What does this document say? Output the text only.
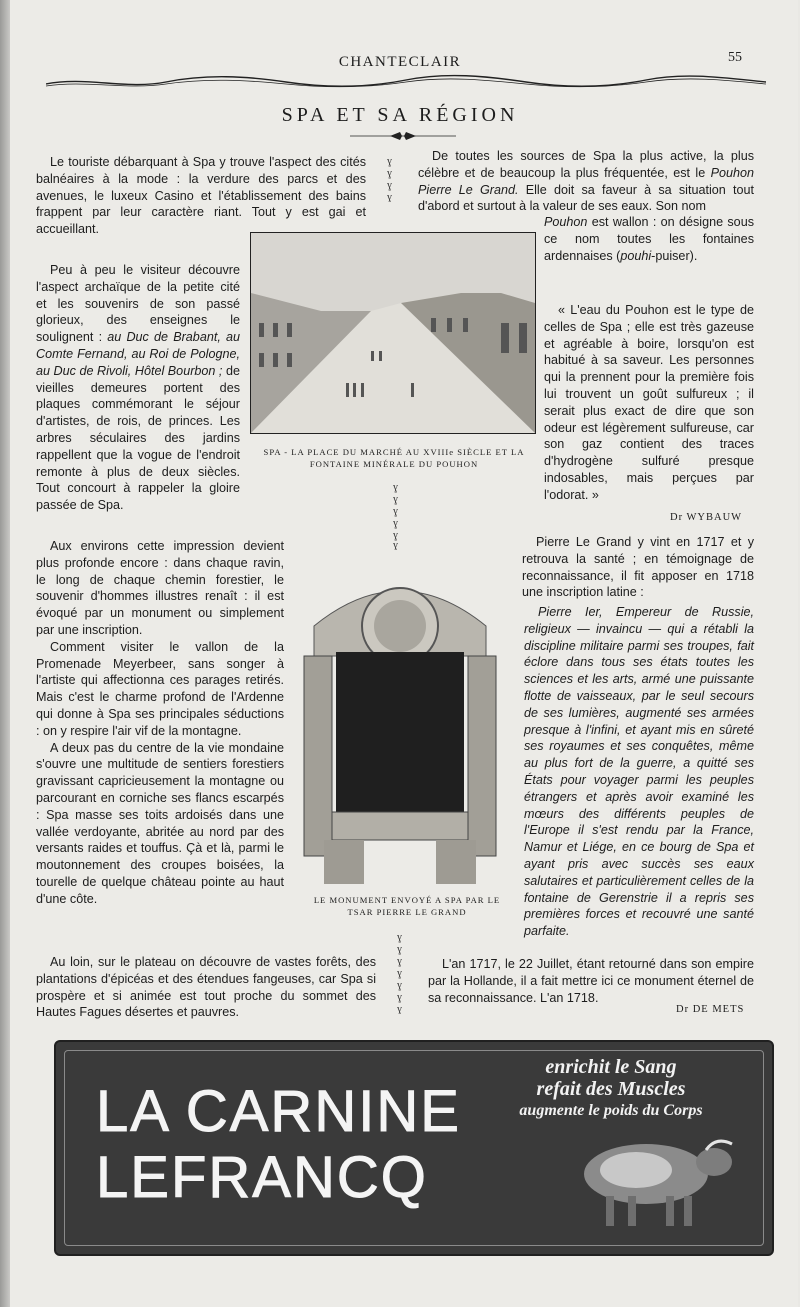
CHANTECLAIR	55
SPA ET SA RÉGION
ɣ
ɣ
ɣ
ɣ
ɣ
ɣ
ɣ
ɣ
ɣ
ɣ
ɣ
ɣ
ɣ
ɣ
ɣ
ɣ
ɣ

Le touriste débarquant à Spa y trouve l'aspect des cités balnéaires à la mode : la verdure des parcs et des avenues, le luxeux Casino et l'établissement des bains frappent par leur caractère riant. Tout y est gai et accueillant.

Peu à peu le visiteur découvre l'aspect archaïque de la petite cité et les souvenirs de son passé glorieux, des enseignes le soulignent : au Duc de Brabant, au Comte Fernand, au Roi de Pologne, au Duc de Rivoli, Hôtel Bourbon ; de vieilles demeures portent des plaques commémorant le séjour d'artistes, de rois, de princes. Les arbres séculaires des jardins rappellent que la vogue de l'endroit remonte à plus de deux siècles. Tout concourt à rappeler la gloire passée de Spa.

Aux environs cette impression devient plus profonde encore : dans chaque ravin, le long de chaque chemin forestier, le souvenir d'hommes illustres renaît : il est évoqué par un monument ou simplement par une inscription.

Comment visiter le vallon de la Promenade Meyerbeer, sans songer à l'artiste qui affectionna ces parages retirés. Mais c'est le charme profond de l'Ardenne qui donne à Spa ses principales séductions : on y respire l'air vif de la montagne.

A deux pas du centre de la vie mondaine s'ouvre une multitude de sentiers forestiers gravissant capricieusement la montagne ou parcourant en corniche ses flancs escarpés : Spa masse ses toits ardoisés dans une vallée verdoyante, abritée au nord par des versants raides et touffus. Çà et là, parmi le moutonnement des croupes boisées, la tourelle de quelque château pointe au haut d'une côte.

Au loin, sur le plateau on découvre de vastes forêts, des plantations d'épicéas et des étendues fangeuses, car Spa si prospère et si animée est tout proche du sommet des Hautes Fagues désertes et pauvres.

SPA - LA PLACE DU MARCHÉ AU XVIIIe SIÈCLE ET LA FONTAINE MINÉRALE DU POUHON
LE MONUMENT ENVOYÉ A SPA PAR LE TSAR PIERRE LE GRAND

De toutes les sources de Spa la plus active, la plus célèbre et de beaucoup la plus fréquentée, est le Pouhon Pierre Le Grand. Elle doit sa faveur à sa situation tout d'abord et surtout à la valeur de ses eaux. Son nom

Pouhon est wallon : on désigne sous ce nom toutes les fontaines ardennaises (pouhi-puiser).

« L'eau du Pouhon est le type de celles de Spa ; elle est très gazeuse et agréable à boire, lorsqu'on est habitué à sa saveur. Les personnes qui la prennent pour la première fois lui trouvent un goût sulfureux ; il serait plus exact de dire que son odeur est légèrement sulfureuse, car son gaz contient des traces d'hydrogène sulfuré presque indosables, mais perçues par l'odorat. »

Dr WYBAUW

Pierre Le Grand y vint en 1717 et y retrouva la santé ; en témoignage de reconnaissance, il fit apposer en 1718 une inscription latine :

Pierre Ier, Empereur de Russie, religieux — invaincu — qui a rétabli la discipline militaire parmi ses troupes, fait éclore dans tous ses états toutes les sciences et les arts, armé une puissante flotte de vaisseaux, par le seul secours de ses lumières, augmenté ses armées presque à l'infini, et ayant mis en sûreté ses royaumes et ses conquêtes, même au plus fort de la guerre, a quitté ses États pour voyager parmi les peuples étrangers et après avoir examiné les mœurs des différents peuples de l'Europe il s'est rendu par la France, Namur et Liége, en ce bourg de Spa et ayant pris avec succès ses eaux salutaires et particulièrement celles de la fontaine de Gerenstrie il a repris ses premières forces et recouvré une santé parfaite.

L'an 1717, le 22 Juillet, étant retourné dans son empire par la Hollande, il a fait mettre ici ce monument éternel de sa reconnaissance. L'an 1718.

Dr DE METS
LA CARNINE
LEFRANCQ
enrichit le Sang
refait des Muscles
augmente le poids du Corps
